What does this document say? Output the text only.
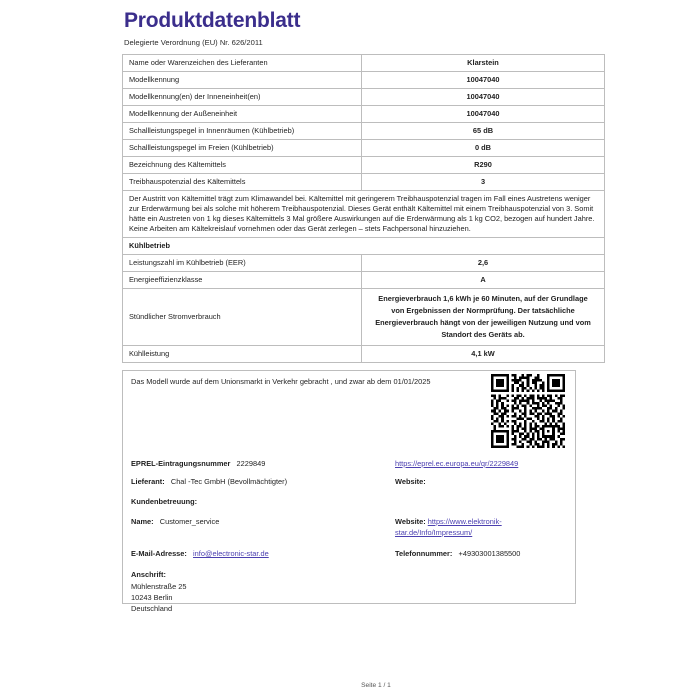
Produktdatenblatt
Delegierte Verordnung (EU) Nr. 626/2011
Name oder Warenzeichen des Lieferanten	Klarstein
Modellkennung	10047040
Modellkennung(en) der Inneneinheit(en)	10047040
Modellkennung der Außeneinheit	10047040
Schallleistungspegel in Innenräumen (Kühlbetrieb)	65 dB
Schallleistungspegel im Freien (Kühlbetrieb)	0 dB
Bezeichnung des Kältemittels	R290
Treibhauspotenzial des Kältemittels	3
Der Austritt von Kältemittel trägt zum Klimawandel bei. Kältemittel mit geringerem Treibhauspotenzial tragen im Fall eines Austretens weniger zur Erderwärmung bei als solche mit höherem Treibhauspotenzial. Dieses Gerät enthält Kältemittel mit einem Treibhauspotenzial von 3. Somit hätte ein Austreten von 1 kg dieses Kältemittels 3 Mal größere Auswirkungen auf die Erderwärmung als 1 kg CO2, bezogen auf hundert Jahre. Keine Arbeiten am Kältekreislauf vornehmen oder das Gerät zerlegen – stets Fachpersonal hinzuziehen.	
Kühlbetrieb	
Leistungszahl im Kühlbetrieb (EER)	2,6
Energieeffizienzklasse	A
Stündlicher Stromverbrauch	Energieverbrauch 1,6 kWh je 60 Minuten, auf der Grundlage von Ergebnissen der Normprüfung. Der tatsächliche Energieverbrauch hängt von der jeweiligen Nutzung und vom Standort des Geräts ab.
Kühlleistung	4,1 kW
Das Modell wurde auf dem Unionsmarkt in Verkehr gebracht , und zwar ab dem 01/01/2025
EPREL-Eintragungsnummer 2229849	https://eprel.ec.europa.eu/qr/2229849
Lieferant: Chal -Tec GmbH (Bevollmächtigter)	Website:
Kundenbetreuung:
Name: Customer_service	Website: https://www.elektronik-star.de/Info/Impressum/
E-Mail-Adresse: info@electronic-star.de	Telefonnummer: +49303001385500
Anschrift:
Mühlenstraße 25
10243 Berlin
Deutschland
Seite 1 / 1
